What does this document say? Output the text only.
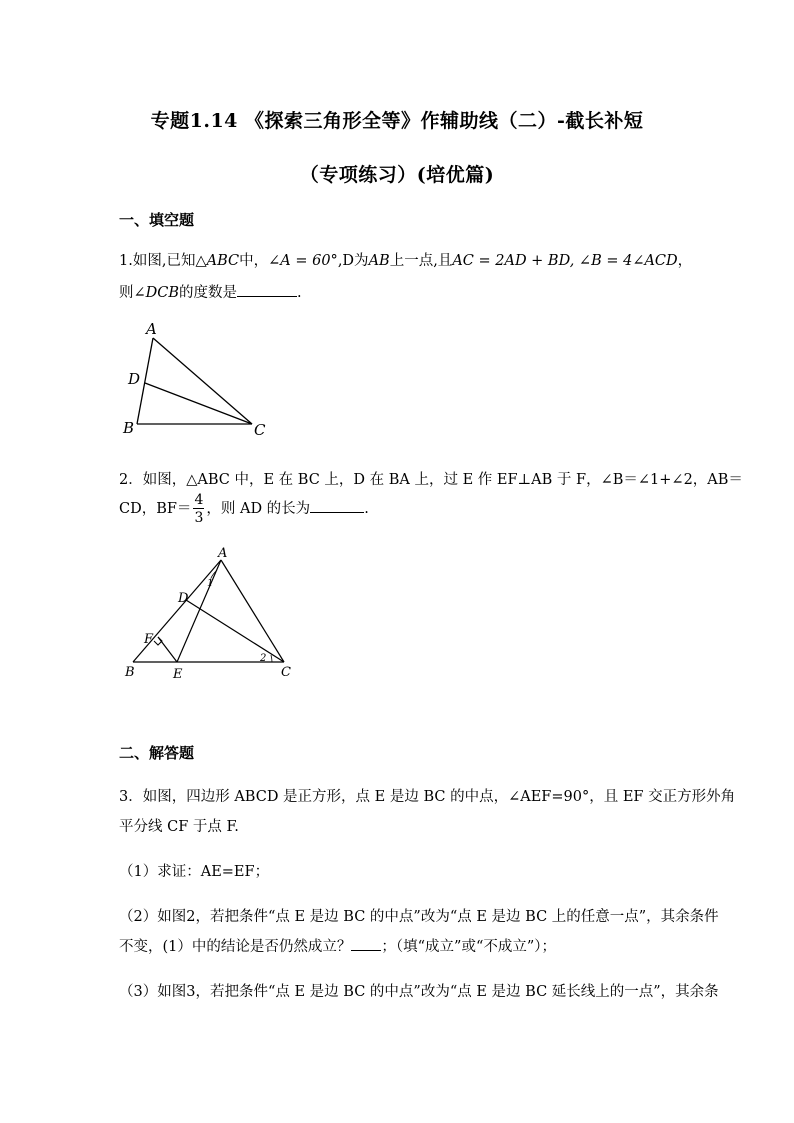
专题1.14 《探索三角形全等》作辅助线（二）-截长补短

（专项练习）(培优篇)

一、填空题

1.如图,已知△ABC中，∠A = 60°,D为AB上一点,且AC = 2AD + BD, ∠B = 4∠ACD，
则∠DCB的度数是	.
A
D
B	C
2．如图，△ABC 中，E 在 BC 上，D 在 BA 上，过 E 作 EF⊥AB 于 F，∠B＝∠1+∠2，AB＝
CD，$BF= \frac{4}{3}$ ，则 AD 的长为	.
A
D
F
B	E	C
1
2

二、解答题

3．如图，四边形 ABCD 是正方形，点 E 是边 BC 的中点，∠AEF=90°，且 EF 交正方形外角
平分线 CF 于点 F.
（1）求证：AE=EF；
（2）如图2，若把条件“点 E 是边 BC 的中点”改为“点 E 是边 BC 上的任意一点”，其余条件
不变，(1）中的结论是否仍然成立？ ；（填“成立”或“不成立”）；
（3）如图3，若把条件“点 E 是边 BC 的中点”改为“点 E 是边 BC 延长线上的一点”，其余条
